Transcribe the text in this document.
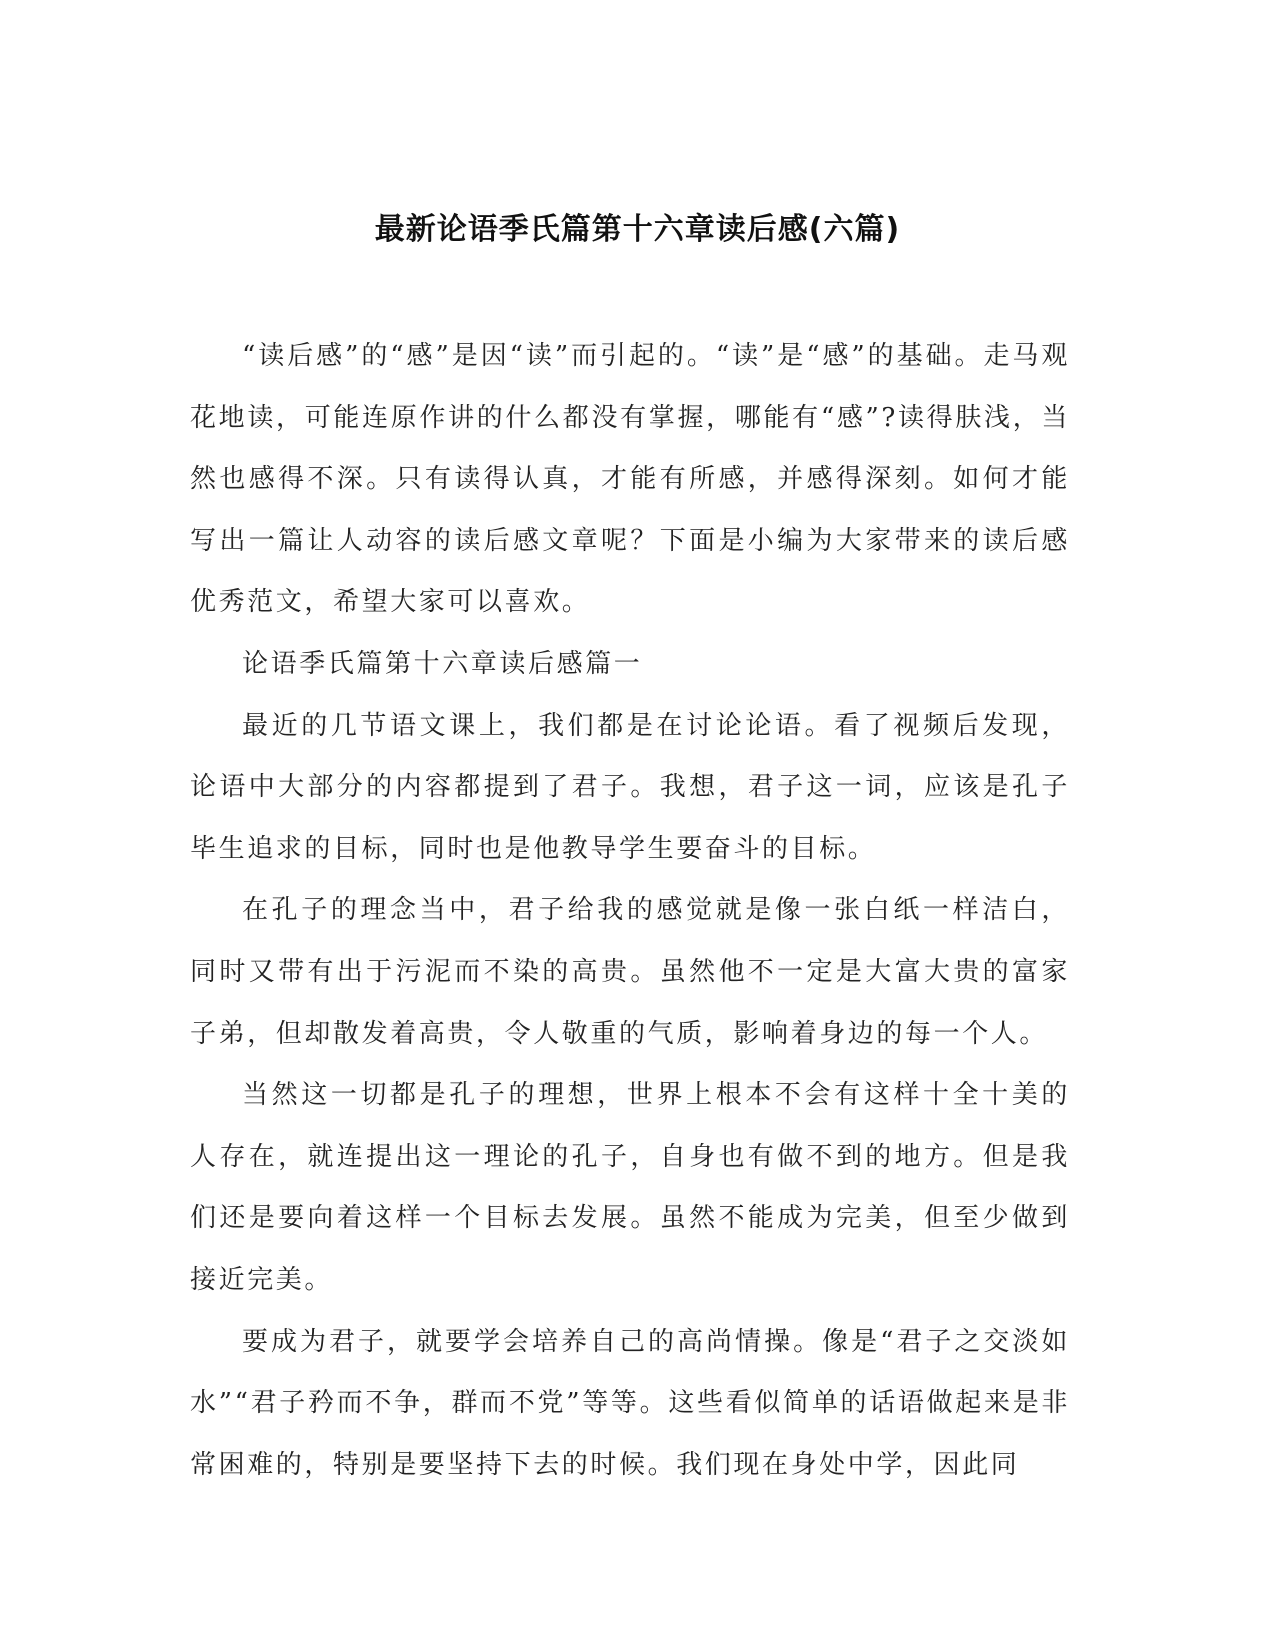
最新论语季氏篇第十六章读后感(六篇)

“读后感”的“感”是因“读”而引起的。“读”是“感”的基础。走马观花地读，可能连原作讲的什么都没有掌握，哪能有“感”?读得肤浅，当然也感得不深。只有读得认真，才能有所感，并感得深刻。如何才能写出一篇让人动容的读后感文章呢？下面是小编为大家带来的读后感优秀范文，希望大家可以喜欢。

论语季氏篇第十六章读后感篇一

最近的几节语文课上，我们都是在讨论论语。看了视频后发现，论语中大部分的内容都提到了君子。我想，君子这一词，应该是孔子毕生追求的目标，同时也是他教导学生要奋斗的目标。

在孔子的理念当中，君子给我的感觉就是像一张白纸一样洁白，同时又带有出于污泥而不染的高贵。虽然他不一定是大富大贵的富家子弟，但却散发着高贵，令人敬重的气质，影响着身边的每一个人。

当然这一切都是孔子的理想，世界上根本不会有这样十全十美的人存在，就连提出这一理论的孔子，自身也有做不到的地方。但是我们还是要向着这样一个目标去发展。虽然不能成为完美，但至少做到接近完美。

要成为君子，就要学会培养自己的高尚情操。像是“君子之交淡如水”“君子矜而不争，群而不党”等等。这些看似简单的话语做起来是非常困难的，特别是要坚持下去的时候。我们现在身处中学，因此同
